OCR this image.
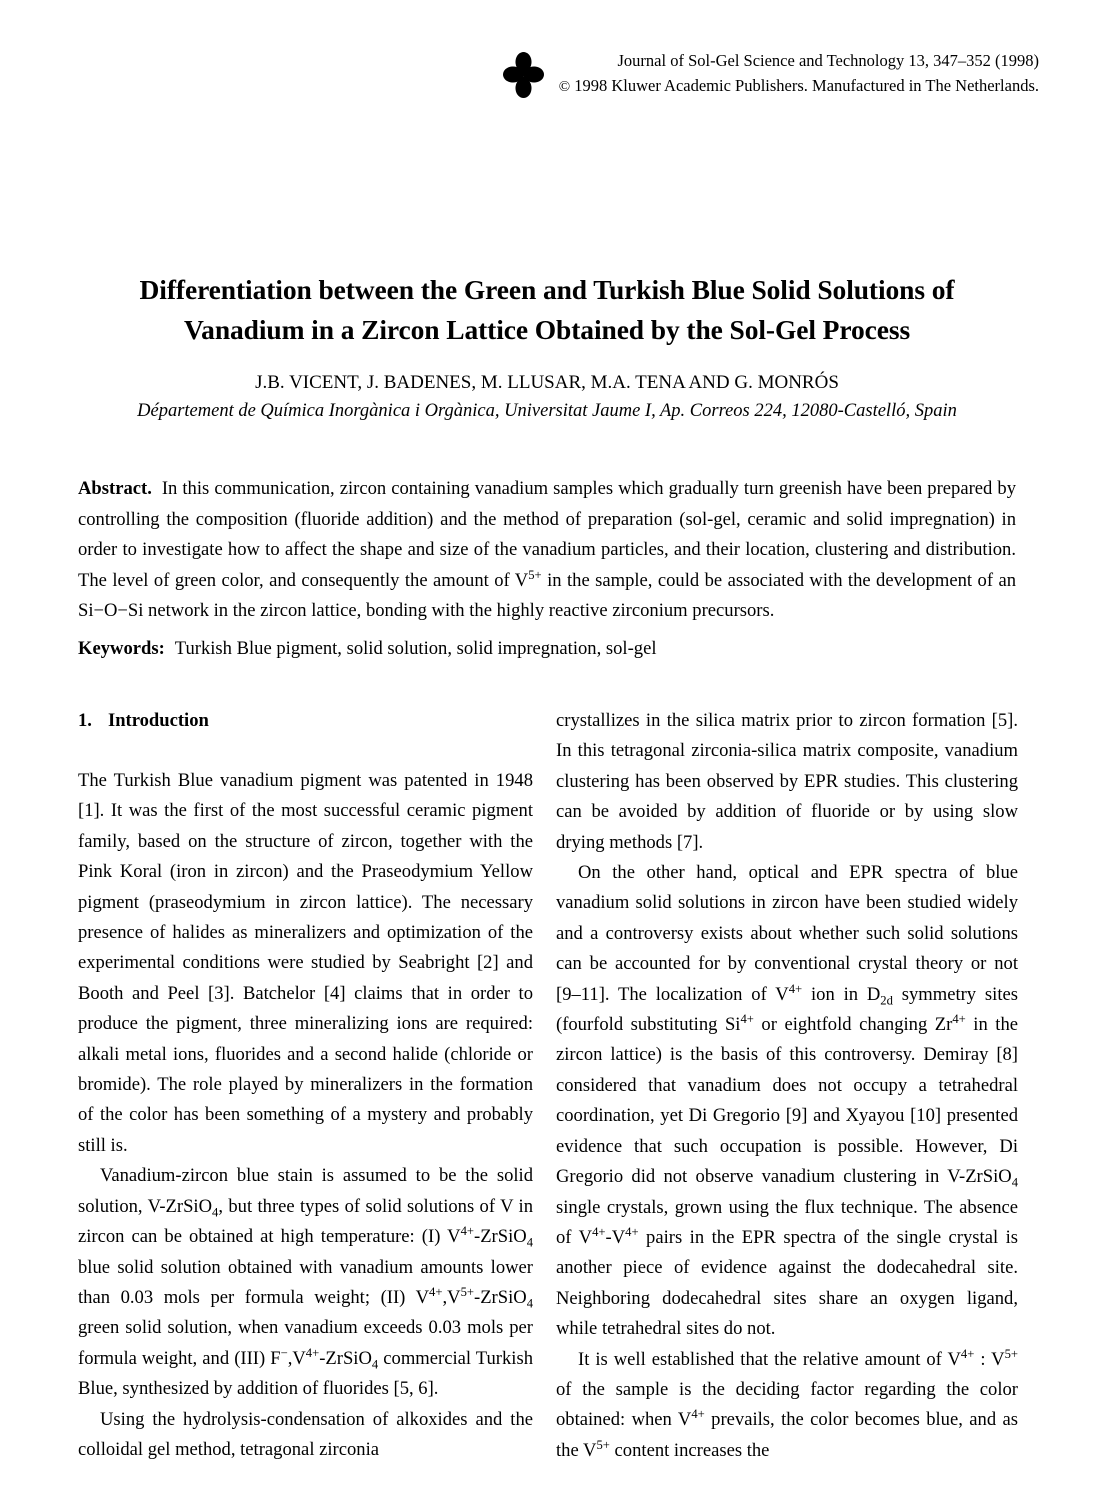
Journal of Sol-Gel Science and Technology 13, 347–352 (1998)
© 1998 Kluwer Academic Publishers. Manufactured in The Netherlands.
Differentiation between the Green and Turkish Blue Solid Solutions of Vanadium in a Zircon Lattice Obtained by the Sol-Gel Process
J.B. VICENT, J. BADENES, M. LLUSAR, M.A. TENA AND G. MONRÓS
Département de Química Inorgànica i Orgànica, Universitat Jaume I, Ap. Correos 224, 12080-Castelló, Spain
Abstract. In this communication, zircon containing vanadium samples which gradually turn greenish have been prepared by controlling the composition (fluoride addition) and the method of preparation (sol-gel, ceramic and solid impregnation) in order to investigate how to affect the shape and size of the vanadium particles, and their location, clustering and distribution. The level of green color, and consequently the amount of $V^{5+}$ in the sample, could be associated with the development of an Si−O−Si network in the zircon lattice, bonding with the highly reactive zirconium precursors.
Keywords: Turkish Blue pigment, solid solution, solid impregnation, sol-gel
1. Introduction

The Turkish Blue vanadium pigment was patented in 1948 [1]. It was the first of the most successful ceramic pigment family, based on the structure of zircon, together with the Pink Koral (iron in zircon) and the Praseodymium Yellow pigment (praseodymium in zircon lattice). The necessary presence of halides as mineralizers and optimization of the experimental conditions were studied by Seabright [2] and Booth and Peel [3]. Batchelor [4] claims that in order to produce the pigment, three mineralizing ions are required: alkali metal ions, fluorides and a second halide (chloride or bromide). The role played by mineralizers in the formation of the color has been something of a mystery and probably still is.

Vanadium-zircon blue stain is assumed to be the solid solution, V-ZrSiO$_4$, but three types of solid solutions of V in zircon can be obtained at high temperature: (I) $V^{4+}-ZrSiO_4$ blue solid solution obtained with vanadium amounts lower than 0.03 mols per formula weight; (II) $V^{4+},V^{5+}-ZrSiO_4$ green solid solution, when vanadium exceeds 0.03 mols per formula weight, and (III) $F^-,V^{4+}-ZrSiO_4$ commercial Turkish Blue, synthesized by addition of fluorides [5, 6].

Using the hydrolysis-condensation of alkoxides and the colloidal gel method, tetragonal zirconia

crystallizes in the silica matrix prior to zircon formation [5]. In this tetragonal zirconia-silica matrix composite, vanadium clustering has been observed by EPR studies. This clustering can be avoided by addition of fluoride or by using slow drying methods [7].

On the other hand, optical and EPR spectra of blue vanadium solid solutions in zircon have been studied widely and a controversy exists about whether such solid solutions can be accounted for by conventional crystal theory or not [9–11]. The localization of $V^{4+}$ ion in $D_{2d}$ symmetry sites (fourfold substituting $Si^{4+}$ or eightfold changing $Zr^{4+}$ in the zircon lattice) is the basis of this controversy. Demiray [8] considered that vanadium does not occupy a tetrahedral coordination, yet Di Gregorio [9] and Xyayou [10] presented evidence that such occupation is possible. However, Di Gregorio did not observe vanadium clustering in V-ZrSiO$_4$ single crystals, grown using the flux technique. The absence of $V^{4+}-V^{4+}$ pairs in the EPR spectra of the single crystal is another piece of evidence against the dodecahedral site. Neighboring dodecahedral sites share an oxygen ligand, while tetrahedral sites do not.

It is well established that the relative amount of $V^{4+}$ : $V^{5+}$ of the sample is the deciding factor regarding the color obtained: when $V^{4+}$ prevails, the color becomes blue, and as the $V^{5+}$ content increases the
